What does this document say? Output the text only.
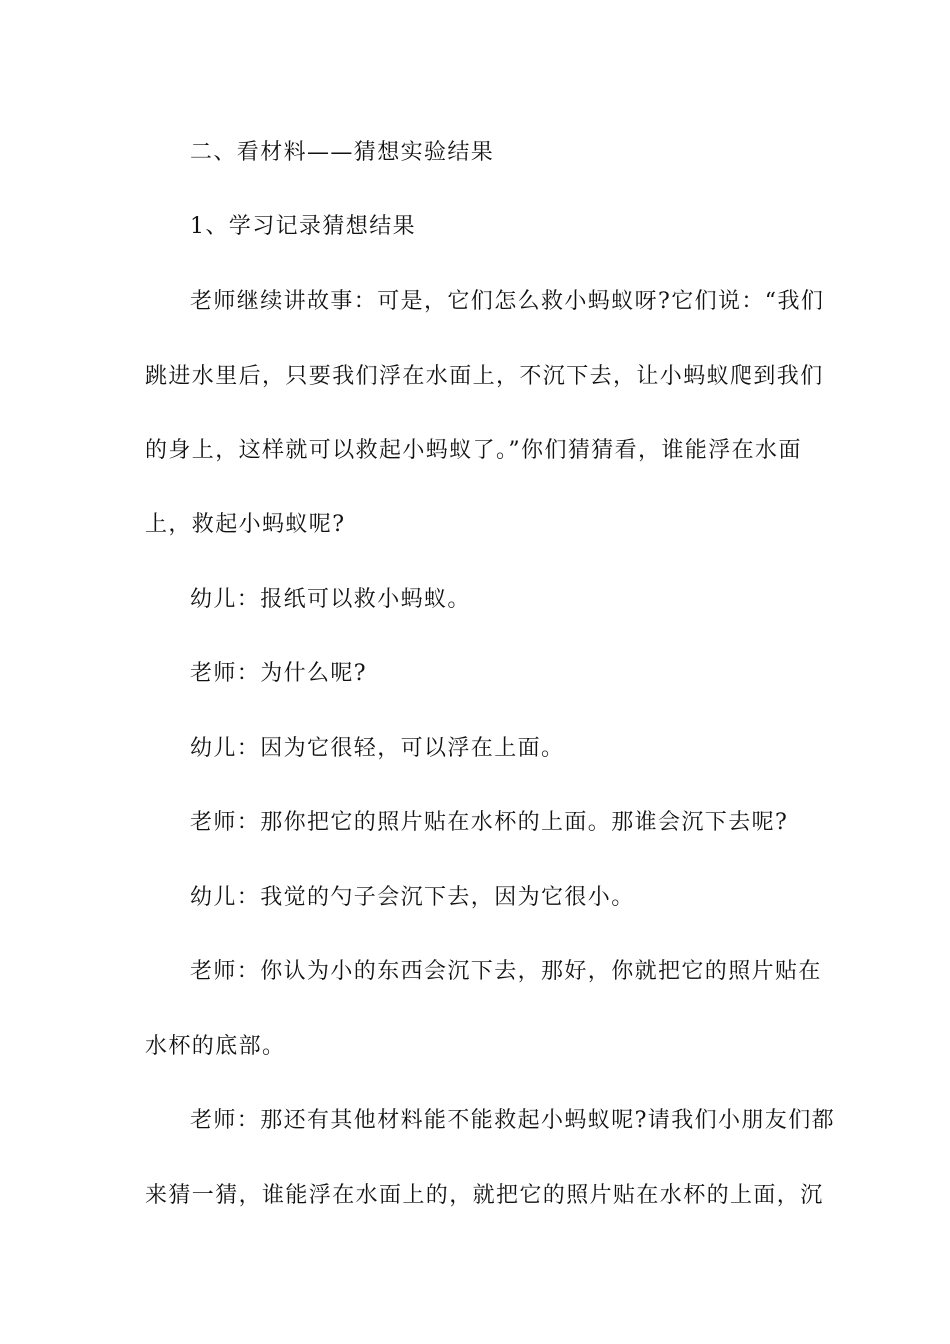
二、看材料——猜想实验结果
1、学习记录猜想结果
老师继续讲故事：可是，它们怎么救小蚂蚁呀?它们说：“我们
跳进水里后，只要我们浮在水面上，不沉下去，让小蚂蚁爬到我们
的身上，这样就可以救起小蚂蚁了。”你们猜猜看，谁能浮在水面
上，救起小蚂蚁呢?
幼儿：报纸可以救小蚂蚁。
老师：为什么呢?
幼儿：因为它很轻，可以浮在上面。
老师：那你把它的照片贴在水杯的上面。那谁会沉下去呢?
幼儿：我觉的勺子会沉下去，因为它很小。
老师：你认为小的东西会沉下去，那好，你就把它的照片贴在
水杯的底部。
老师：那还有其他材料能不能救起小蚂蚁呢?请我们小朋友们都
来猜一猜，谁能浮在水面上的，就把它的照片贴在水杯的上面，沉
